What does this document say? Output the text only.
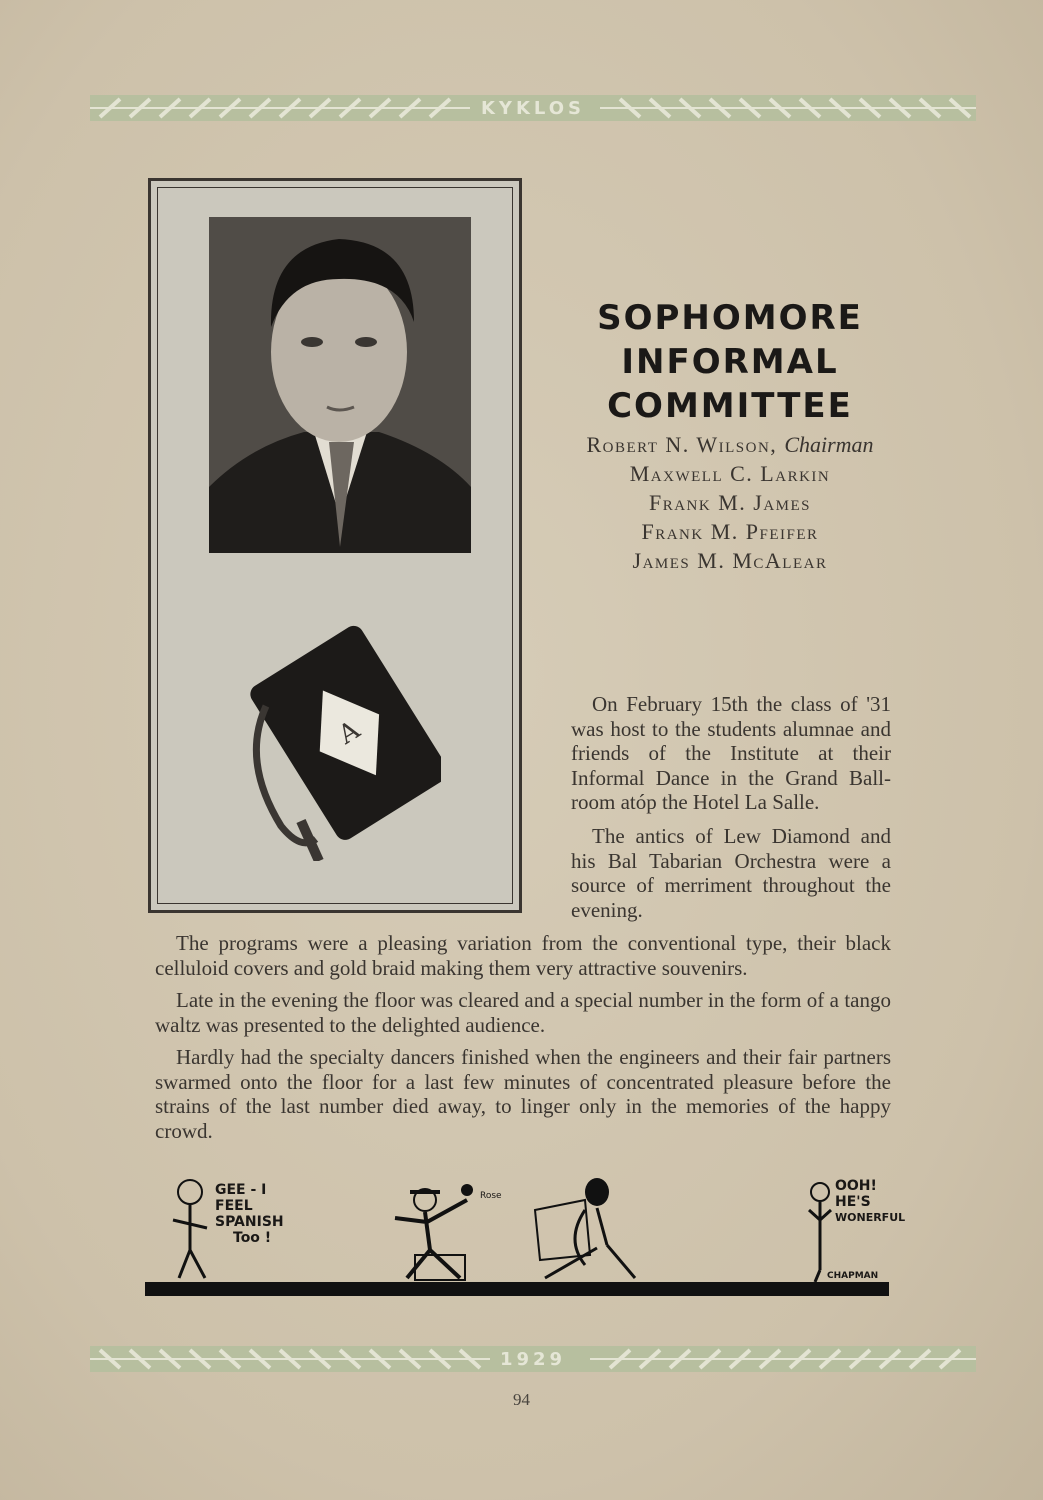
KYKLOS
A
SOPHOMORE
INFORMAL
COMMITTEE
Robert N. Wilson, Chairman
Maxwell C. Larkin
Frank M. James
Frank M. Pfeifer
James M. McAlear

On February 15th the class of '31 was host to the students alumnae and friends of the Institute at their Informal Dance in the Grand Ball-room atóp the Hotel La Salle.

The antics of Lew Diamond and his Bal Tabarian Orchestra were a source of merriment throughout the evening.

The programs were a pleasing variation from the conventional type, their black celluloid covers and gold braid making them very attractive souvenirs.

Late in the evening the floor was cleared and a special number in the form of a tango waltz was presented to the delighted audience.

Hardly had the specialty dancers finished when the engineers and their fair partners swarmed onto the floor for a last few minutes of concentrated pleasure before the strains of the last number died away, to linger only in the memories of the happy crowd.

GEE - I
FEEL
SPANISH
Too !
Rose
OOH!
HE'S
WONERFUL
CHAPMAN
1929
94
